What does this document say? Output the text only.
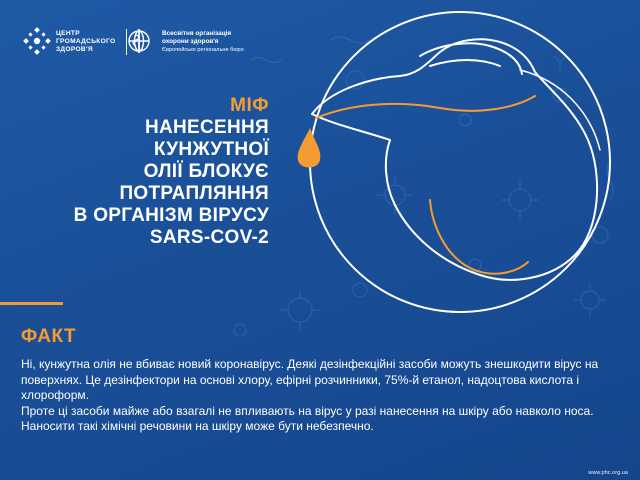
ЦЕНТР
ГРОМАДСЬКОГО
ЗДОРОВ'Я
Всесвітня організація
охорони здоров'я
Європейське регіональне бюро
МІФ
НАНЕСЕННЯ
КУНЖУТНОЇ
ОЛІЇ БЛОКУЄ
ПОТРАПЛЯННЯ
В ОРГАНІЗМ ВІРУСУ
SARS-COV-2
ФАКТ

Ні, кунжутна олія не вбиває новий коронавірус. Деякі дезінфекційні засоби можуть знешкодити вірус на поверхнях. Це дезінфектори на основі хлору, ефірні розчинники, 75%-й етанол, надоцтова кислота і хлороформ.

Проте ці засоби майже або взагалі не впливають на вірус у разі нанесення на шкіру або навколо носа. Наносити такі хімічні речовини на шкіру може бути небезпечно.

www.phc.org.ua
